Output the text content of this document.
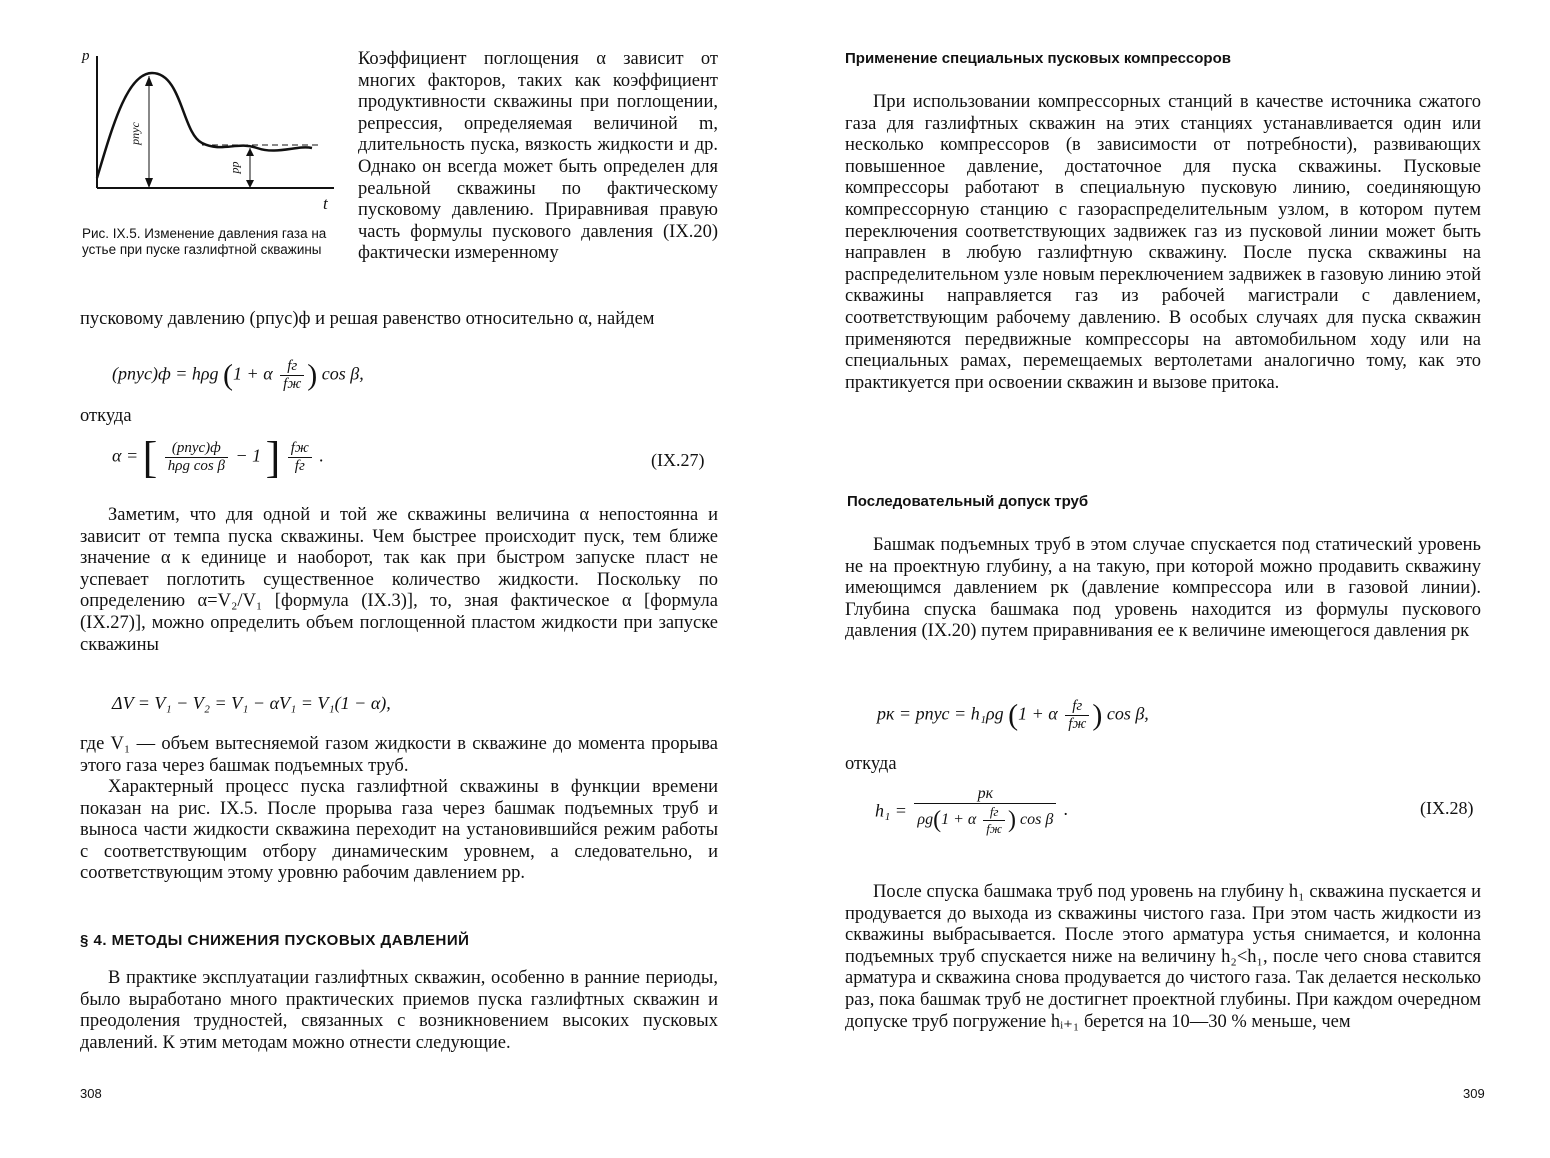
p
t
pпус
pр
Рис. IX.5. Изменение давления газа на устье при пуске газлифтной скважины

Коэффициент поглощения α зависит от многих факторов, таких как коэффициент продуктивности скважины при поглощении, репрессия, определяемая величиной m, длительность пуска, вязкость жидкости и др. Однако он всегда может быть определен для реальной скважины по фактическому пусковому давлению. Приравнивая правую часть формулы пускового давления (IX.20) фактически измеренному

пусковому давлению (pпус)ф и решая равенство относительно α, найдем

(pпус)ф = hρg (1 + α $\frac{fг}{fж}$ ) cos β,
откуда
α = [ $\frac{\text{(pпус)ф}}{\text{hρg cos β}} - 1$ ] $\frac{fж}{fг}$ .	(IX.27)

Заметим, что для одной и той же скважины величина α непостоянна и зависит от темпа пуска скважины. Чем быстрее происходит пуск, тем ближе значение α к единице и наоборот, так как при быстром запуске пласт не успевает поглотить существенное количество жидкости. Поскольку по определению α=V₂/V₁ [формула (IX.3)], то, зная фактическое α [формула (IX.27)], можно определить объем поглощенной пластом жидкости при запуске скважины

ΔV = V₁ − V₂ = V₁ − αV₁ = V₁(1 − α),

где V₁ — объем вытесняемой газом жидкости в скважине до момента прорыва этого газа через башмак подъемных труб.

Характерный процесс пуска газлифтной скважины в функции времени показан на рис. IX.5. После прорыва газа через башмак подъемных труб и выноса части жидкости скважина переходит на установившийся режим работы с соответствующим отбору динамическим уровнем, а следовательно, и соответствующим этому уровню рабочим давлением pр.

§ 4. МЕТОДЫ СНИЖЕНИЯ ПУСКОВЫХ ДАВЛЕНИЙ

В практике эксплуатации газлифтных скважин, особенно в ранние периоды, было выработано много практических приемов пуска газлифтных скважин и преодоления трудностей, связанных с возникновением высоких пусковых давлений. К этим методам можно отнести следующие.

308
Применение специальных пусковых компрессоров

При использовании компрессорных станций в качестве источника сжатого газа для газлифтных скважин на этих станциях устанавливается один или несколько компрессоров (в зависимости от потребности), развивающих повышенное давление, достаточное для пуска скважины. Пусковые компрессоры работают в специальную пусковую линию, соединяющую компрессорную станцию с газораспределительным узлом, в котором путем переключения соответствующих задвижек газ из пусковой линии может быть направлен в любую газлифтную скважину. После пуска скважины на распределительном узле новым переключением задвижек в газовую линию этой скважины направляется газ из рабочей магистрали с давлением, соответствующим рабочему давлению. В особых случаях для пуска скважин применяются передвижные компрессоры на автомобильном ходу или на специальных рамах, перемещаемых вертолетами аналогично тому, как это практикуется при освоении скважин и вызове притока.

Последовательный допуск труб

Башмак подъемных труб в этом случае спускается под статический уровень не на проектную глубину, а на такую, при которой можно продавить скважину имеющимся давлением pк (давление компрессора или в газовой линии). Глубина спуска башмака под уровень находится из формулы пускового давления (IX.20) путем приравнивания ее к величине имеющегося давления pк

pк = pпус = h₁ρg (1 + α $\frac{fг}{fж}$ ) cos β,
откуда
$h_1 = \frac{pк}{\rho g(1 + \alpha \frac{fг}{fж} ) \cos \beta}$ .	(IX.28)

После спуска башмака труб под уровень на глубину h₁ скважина пускается и продувается до выхода из скважины чистого газа. При этом часть жидкости из скважины выбрасывается. После этого арматура устья снимается, и колонна подъемных труб спускается ниже на величину h₂<h₁, после чего снова ставится арматура и скважина снова продувается до чистого газа. Так делается несколько раз, пока башмак труб не достигнет проектной глубины. При каждом очередном допуске труб погружение hᵢ₊₁ берется на 10—30 % меньше, чем

309
